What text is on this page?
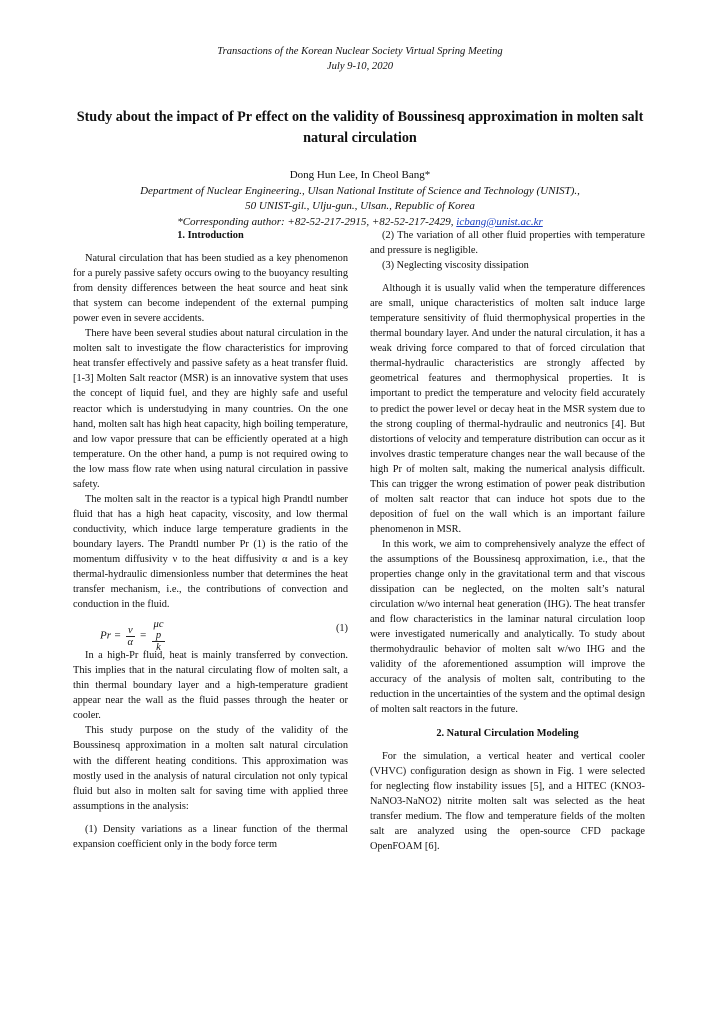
Transactions of the Korean Nuclear Society Virtual Spring Meeting
July 9-10, 2020
Study about the impact of Pr effect on the validity of Boussinesq approximation in molten salt natural circulation
Dong Hun Lee, In Cheol Bang*
Department of Nuclear Engineering., Ulsan National Institute of Science and Technology (UNIST).,
50 UNIST-gil., Ulju-gun., Ulsan., Republic of Korea
*Corresponding author: +82-52-217-2915, +82-52-217-2429, icbang@unist.ac.kr
1. Introduction

Natural circulation that has been studied as a key phenomenon for a purely passive safety occurs owing to the buoyancy resulting from density differences between the heat source and heat sink that system can become independent of the external pumping power even in severe accidents.

There have been several studies about natural circulation in the molten salt to investigate the flow characteristics for improving heat transfer effectively and passive safety as a heat transfer fluid. [1-3] Molten Salt reactor (MSR) is an innovative system that uses the concept of liquid fuel, and they are highly safe and useful reactor which is understudying in many countries. On the one hand, molten salt has high heat capacity, high boiling temperature, and low vapor pressure that can be efficiently operated at a high temperature. On the other hand, a pump is not required owing to the low mass flow rate when using natural circulation in passive safety.

The molten salt in the reactor is a typical high Prandtl number fluid that has a high heat capacity, viscosity, and low thermal conductivity, which induce large temperature gradients in the boundary layers. The Prandtl number Pr (1) is the ratio of the momentum diffusivity ν to the heat diffusivity α and is a key thermal-hydraulic dimensionless number that determines the heat transfer mechanism, i.e., the contributions of convection and conduction in the fluid.

$Pr = \frac{\nu}{\alpha} = \mu c$
p
k	(1)

In a high-Pr fluid, heat is mainly transferred by convection. This implies that in the natural circulating flow of molten salt, a thin thermal boundary layer and a high-temperature gradient appear near the wall as the fluid passes through the heater or cooler.

This study purpose on the study of the validity of the Boussinesq approximation in a molten salt natural circulation with the different heating conditions. This approximation was mostly used in the analysis of natural circulation not only typical fluid but also in molten salt for saving time with applied three assumptions in the analysis:

(1) Density variations as a linear function of the thermal expansion coefficient only in the body force term

(2) The variation of all other fluid properties with temperature and pressure is negligible.

(3) Neglecting viscosity dissipation

Although it is usually valid when the temperature differences are small, unique characteristics of molten salt induce large temperature sensitivity of fluid thermophysical properties in the thermal boundary layer. And under the natural circulation, it has a weak driving force compared to that of forced circulation that thermal-hydraulic characteristics are strongly affected by geometrical features and thermophysical properties. It is important to predict the temperature and velocity field accurately to predict the power level or decay heat in the MSR system due to the strong coupling of thermal-hydraulic and neutronics [4]. But distortions of velocity and temperature distribution can occur as it involves drastic temperature changes near the wall because of the high Pr of molten salt, making the numerical analysis difficult. This can trigger the wrong estimation of power peak distribution of molten salt reactor that can induce hot spots due to the deposition of fuel on the wall which is an important failure phenomenon in MSR.

In this work, we aim to comprehensively analyze the effect of the assumptions of the Boussinesq approximation, i.e., that the properties change only in the gravitational term and that viscous dissipation can be neglected, on the molten salt’s natural circulation w/wo internal heat generation (IHG). The heat transfer and flow characteristics in the laminar natural circulation loop were investigated numerically and analytically. To study about thermohydraulic behavior of molten salt w/wo IHG and the validity of the aforementioned assumption will improve the accuracy of the analysis of molten salt, contributing to the reduction in the uncertainties of the system and the optimal design of molten salt reactors in the future.

2. Natural Circulation Modeling

For the simulation, a vertical heater and vertical cooler (VHVC) configuration design as shown in Fig. 1 were selected for neglecting flow instability issues [5], and a HITEC (KNO3-NaNO3-NaNO2) nitrite molten salt was selected as the heat transfer medium. The flow and temperature fields of the molten salt are analyzed using the open-source CFD package OpenFOAM [6].
